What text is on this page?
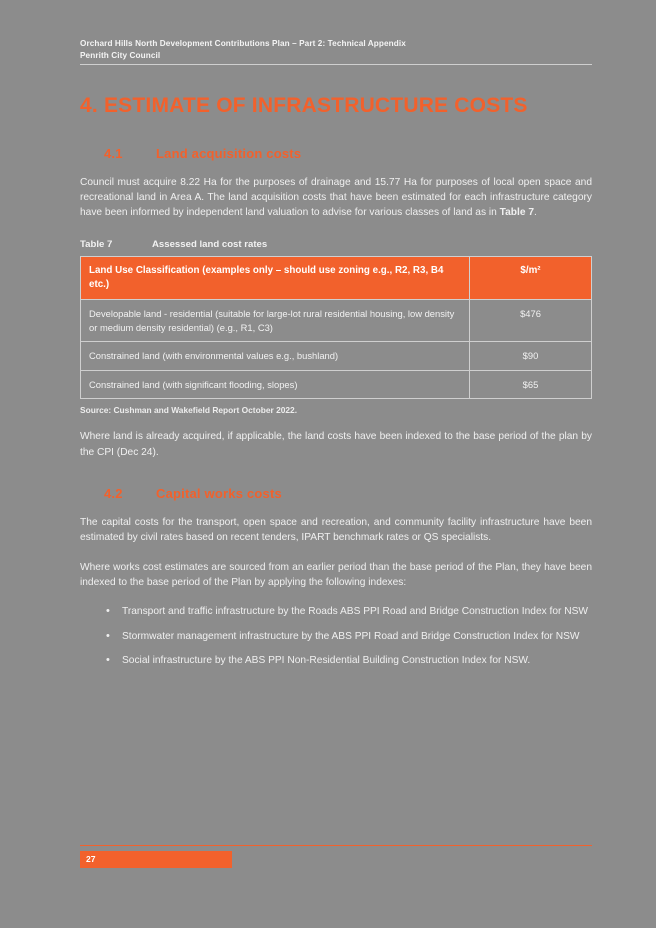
Orchard Hills North Development Contributions Plan – Part 2: Technical Appendix
Penrith City Council
4. ESTIMATE OF INFRASTRUCTURE COSTS
4.1	Land acquisition costs

Council must acquire 8.22 Ha for the purposes of drainage and 15.77 Ha for purposes of local open space and recreational land in Area A. The land acquisition costs that have been estimated for each infrastructure category have been informed by independent land valuation to advise for various classes of land as in Table 7.

Table 7	Assessed land cost rates
Land Use Classification (examples only – should use zoning e.g., R2, R3, B4 etc.)	$/m²
Developable land - residential (suitable for large-lot rural residential housing, low density or medium density residential) (e.g., R1, C3)	$476
Constrained land (with environmental values e.g., bushland)	$90
Constrained land (with significant flooding, slopes)	$65
Source: Cushman and Wakefield Report October 2022.

Where land is already acquired, if applicable, the land costs have been indexed to the base period of the plan by the CPI (Dec 24).

4.2	Capital works costs

The capital costs for the transport, open space and recreation, and community facility infrastructure have been estimated by civil rates based on recent tenders, IPART benchmark rates or QS specialists.

Where works cost estimates are sourced from an earlier period than the base period of the Plan, they have been indexed to the base period of the Plan by applying the following indexes:

• Transport and traffic infrastructure by the Roads ABS PPI Road and Bridge Construction Index for NSW
• Stormwater management infrastructure by the ABS PPI Road and Bridge Construction Index for NSW
• Social infrastructure by the ABS PPI Non-Residential Building Construction Index for NSW.
27
